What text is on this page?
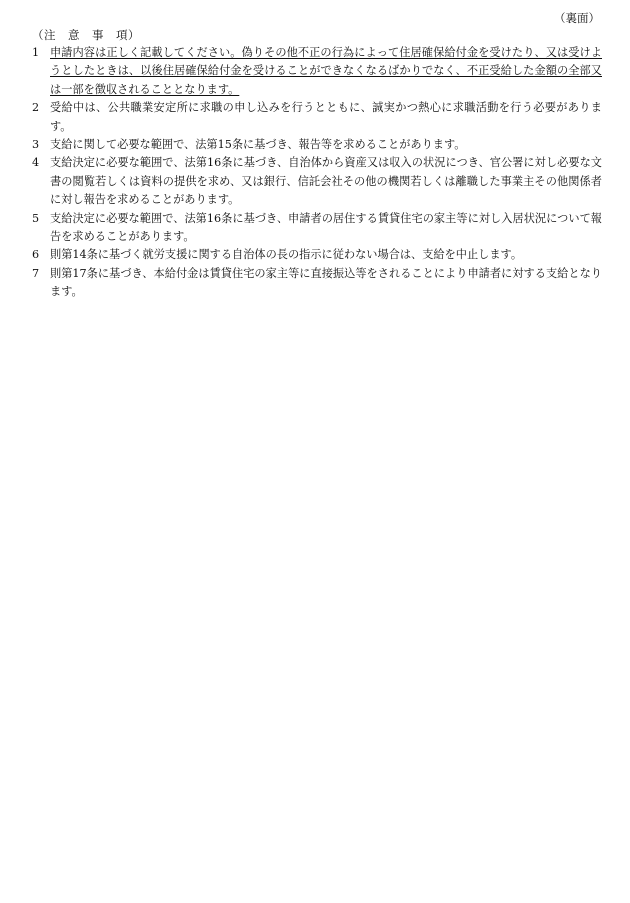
（裏面）
（注　意　事　項）
1 申請内容は正しく記載してください。偽りその他不正の行為によって住居確保給付金を受けたり、又は受けようとしたときは、以後住居確保給付金を受けることができなくなるばかりでなく、不正受給した金額の全部又は一部を徴収されることとなります。
2 受給中は、公共職業安定所に求職の申し込みを行うとともに、誠実かつ熱心に求職活動を行う必要があります。
3 支給に関して必要な範囲で、法第15条に基づき、報告等を求めることがあります。
4 支給決定に必要な範囲で、法第16条に基づき、自治体から資産又は収入の状況につき、官公署に対し必要な文書の閲覧若しくは資料の提供を求め、又は銀行、信託会社その他の機関若しくは離職した事業主その他関係者に対し報告を求めることがあります。
5 支給決定に必要な範囲で、法第16条に基づき、申請者の居住する賃貸住宅の家主等に対し入居状況について報告を求めることがあります。
6 則第14条に基づく就労支援に関する自治体の長の指示に従わない場合は、支給を中止します。
7 則第17条に基づき、本給付金は賃貸住宅の家主等に直接振込等をされることにより申請者に対する支給となります。
